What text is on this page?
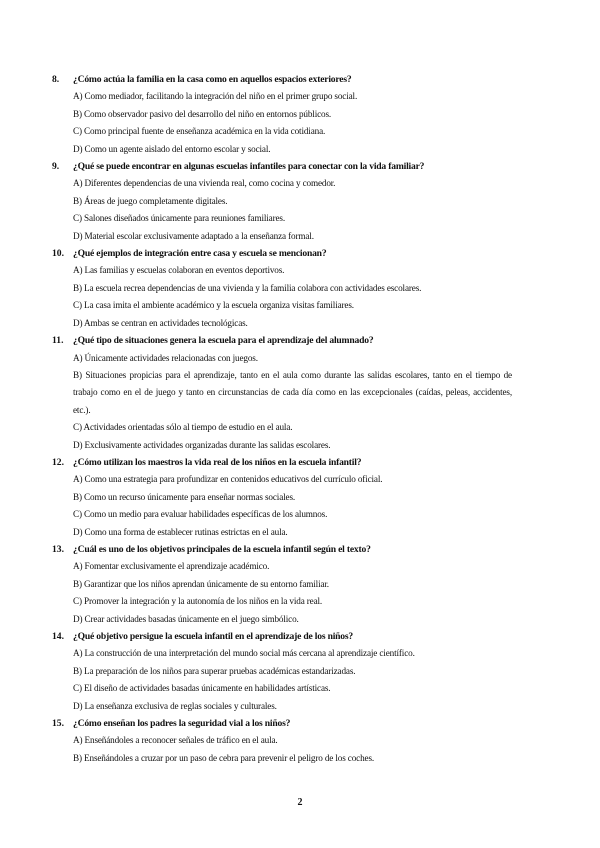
8.	¿Cómo actúa la familia en la casa como en aquellos espacios exteriores?
A) Como mediador, facilitando la integración del niño en el primer grupo social.
B) Como observador pasivo del desarrollo del niño en entornos públicos.
C) Como principal fuente de enseñanza académica en la vida cotidiana.
D) Como un agente aislado del entorno escolar y social.
9.	¿Qué se puede encontrar en algunas escuelas infantiles para conectar con la vida familiar?
A) Diferentes dependencias de una vivienda real, como cocina y comedor.
B) Áreas de juego completamente digitales.
C) Salones diseñados únicamente para reuniones familiares.
D) Material escolar exclusivamente adaptado a la enseñanza formal.
10. ¿Qué ejemplos de integración entre casa y escuela se mencionan?
A) Las familias y escuelas colaboran en eventos deportivos.
B) La escuela recrea dependencias de una vivienda y la familia colabora con actividades escolares.
C) La casa imita el ambiente académico y la escuela organiza visitas familiares.
D) Ambas se centran en actividades tecnológicas.
11. ¿Qué tipo de situaciones genera la escuela para el aprendizaje del alumnado?
A) Únicamente actividades relacionadas con juegos.
B) Situaciones propicias para el aprendizaje, tanto en el aula como durante las salidas escolares, tanto en el tiempo de trabajo como en el de juego y tanto en circunstancias de cada día como en las excepcionales (caídas, peleas, accidentes, etc.).
C) Actividades orientadas sólo al tiempo de estudio en el aula.
D) Exclusivamente actividades organizadas durante las salidas escolares.
12. ¿Cómo utilizan los maestros la vida real de los niños en la escuela infantil?
A) Como una estrategia para profundizar en contenidos educativos del currículo oficial.
B) Como un recurso únicamente para enseñar normas sociales.
C) Como un medio para evaluar habilidades específicas de los alumnos.
D) Como una forma de establecer rutinas estrictas en el aula.
13. ¿Cuál es uno de los objetivos principales de la escuela infantil según el texto?
A) Fomentar exclusivamente el aprendizaje académico.
B) Garantizar que los niños aprendan únicamente de su entorno familiar.
C) Promover la integración y la autonomía de los niños en la vida real.
D) Crear actividades basadas únicamente en el juego simbólico.
14. ¿Qué objetivo persigue la escuela infantil en el aprendizaje de los niños?
A) La construcción de una interpretación del mundo social más cercana al aprendizaje científico.
B) La preparación de los niños para superar pruebas académicas estandarizadas.
C) El diseño de actividades basadas únicamente en habilidades artísticas.
D) La enseñanza exclusiva de reglas sociales y culturales.
15. ¿Cómo enseñan los padres la seguridad vial a los niños?
A) Enseñándoles a reconocer señales de tráfico en el aula.
B) Enseñándoles a cruzar por un paso de cebra para prevenir el peligro de los coches.
2
